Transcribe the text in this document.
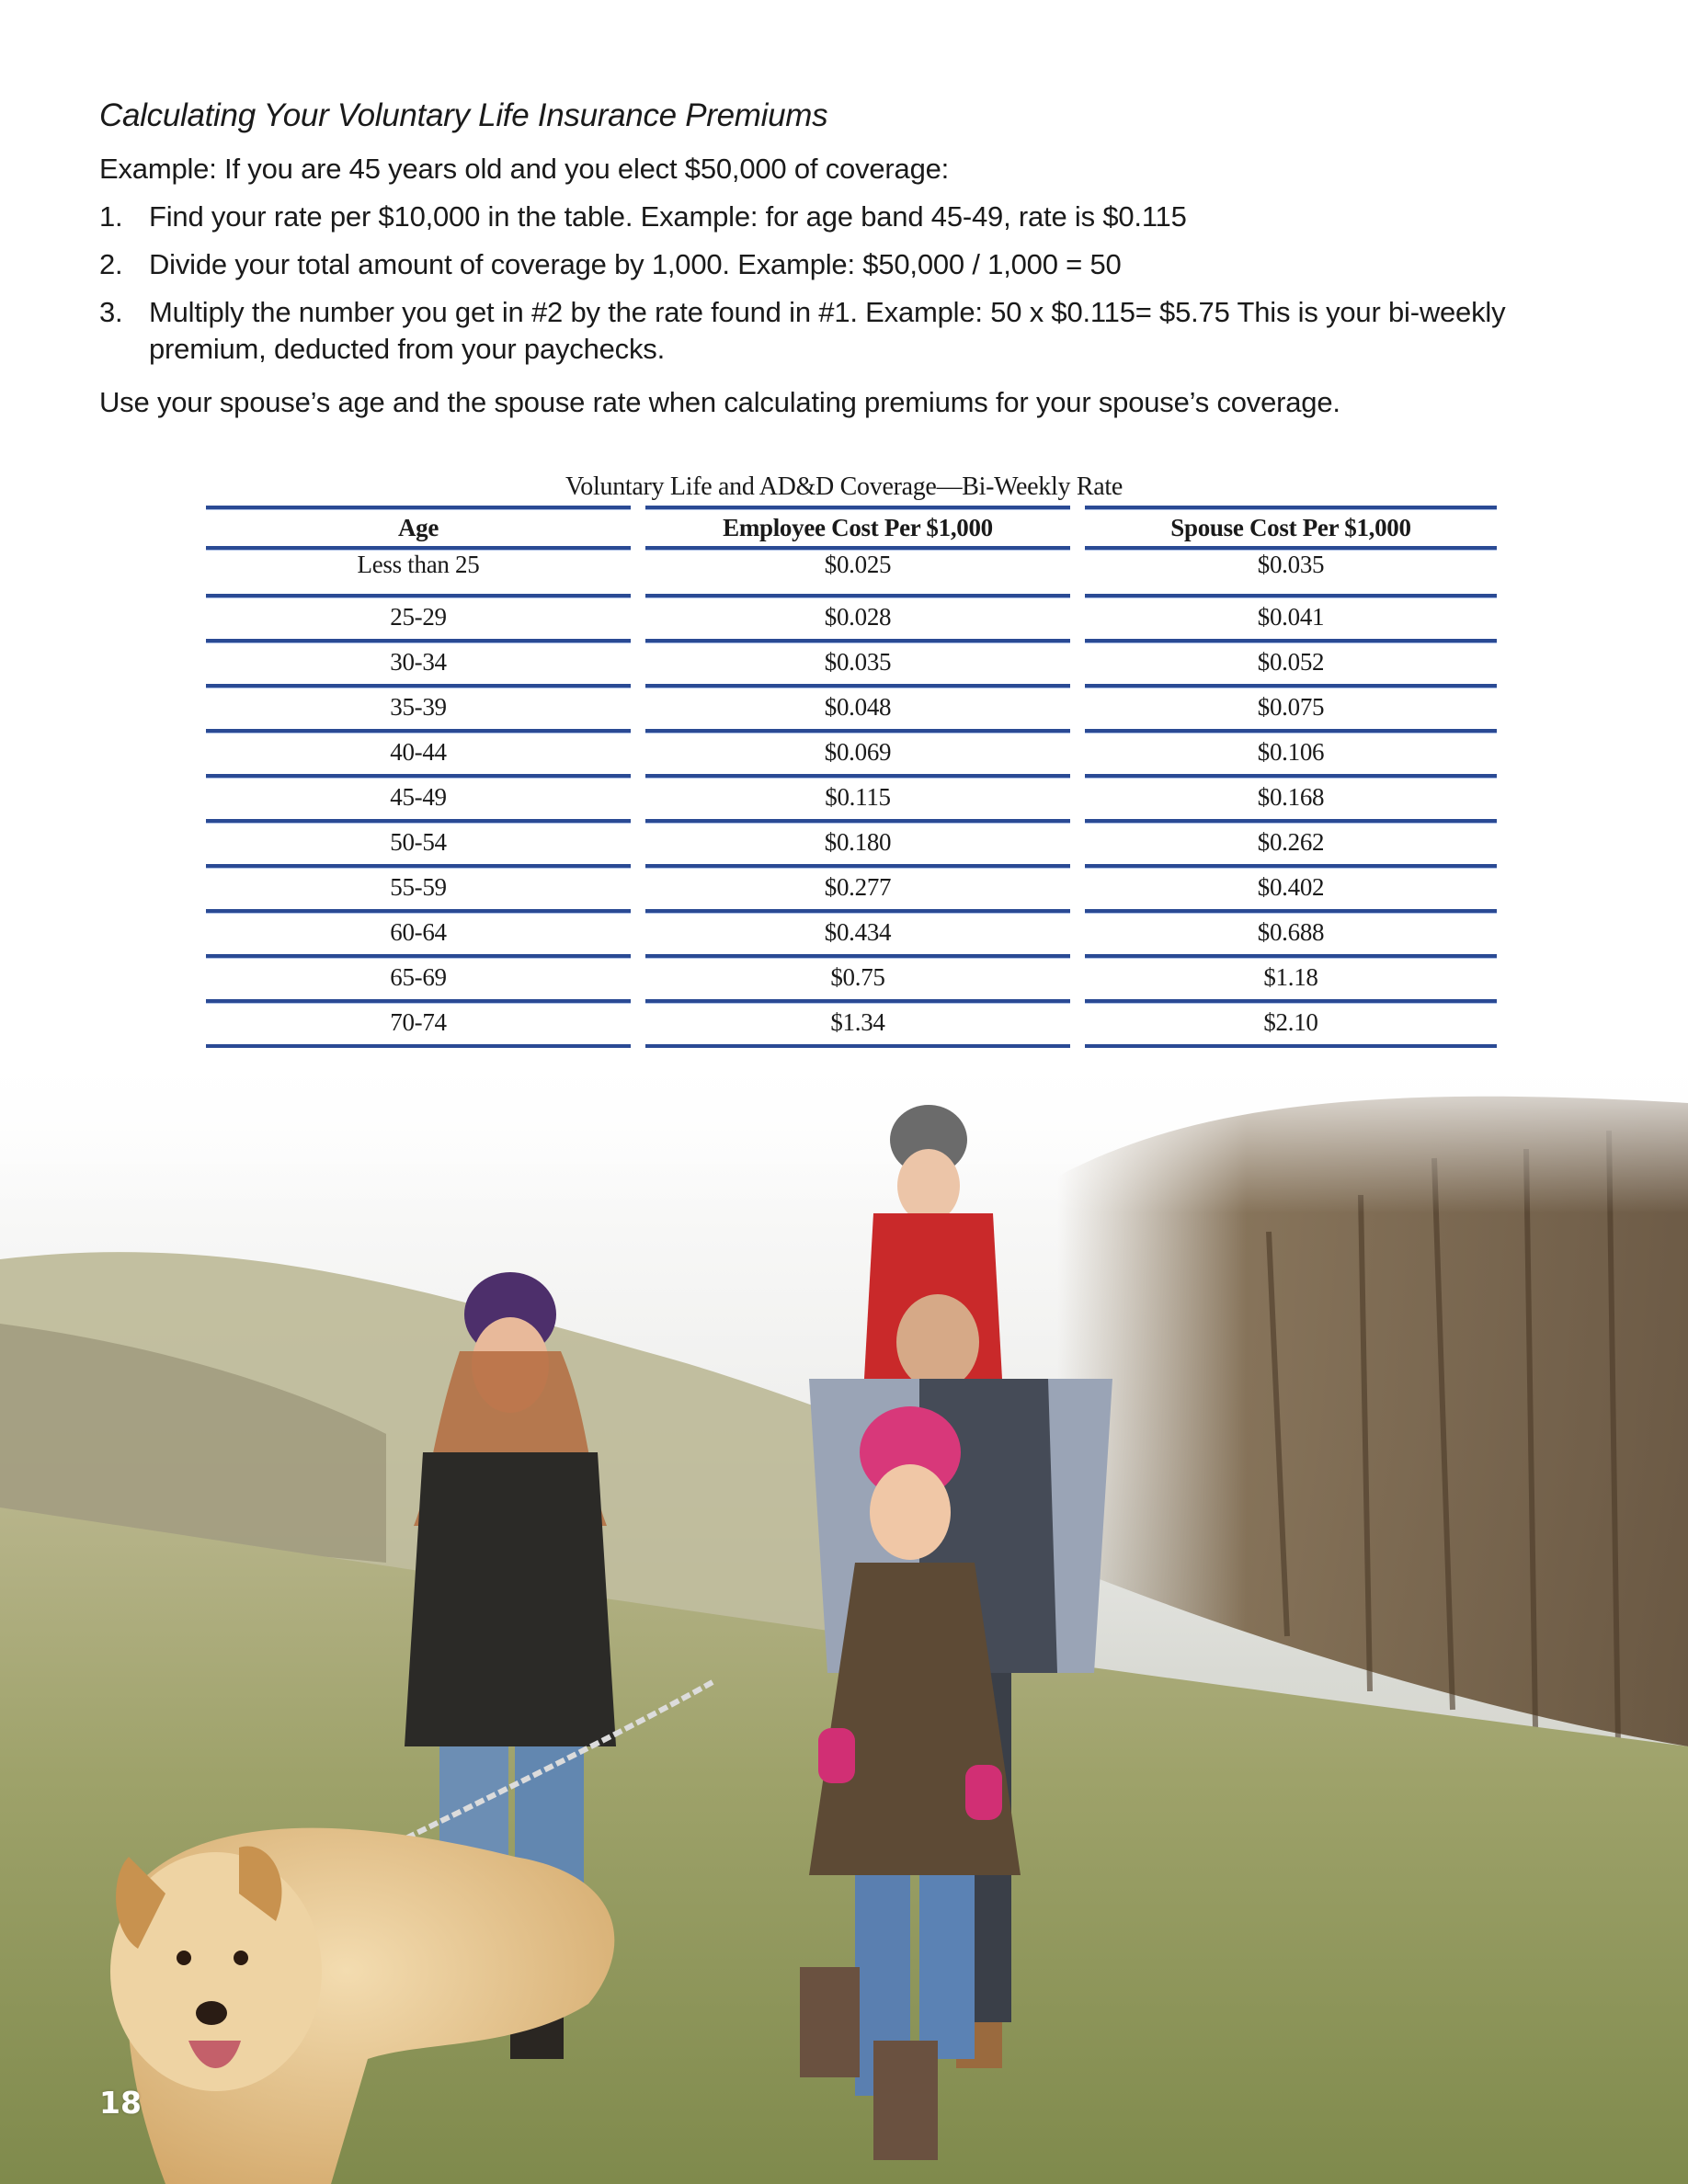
Calculating Your Voluntary Life Insurance Premiums

Example: If you are 45 years old and you elect $50,000 of coverage:

1. Find your rate per $10,000 in the table. Example: for age band 45-49, rate is $0.115
2. Divide your total amount of coverage by 1,000. Example: $50,000 / 1,000 = 50
3. Multiply the number you get in #2 by the rate found in #1. Example: 50 x $0.115= $5.75 This is your bi-weekly premium, deducted from your paychecks.

Use your spouse’s age and the spouse rate when calculating premiums for your spouse’s coverage.

Voluntary Life and AD&D Coverage—Bi-Weekly Rate
Age	Employee Cost Per $1,000	Spouse Cost Per $1,000
Less than 25	$0.025	$0.035
25-29	$0.028	$0.041
30-34	$0.035	$0.052
35-39	$0.048	$0.075
40-44	$0.069	$0.106
45-49	$0.115	$0.168
50-54	$0.180	$0.262
55-59	$0.277	$0.402
60-64	$0.434	$0.688
65-69	$0.75	$1.18
70-74	$1.34	$2.10
18
